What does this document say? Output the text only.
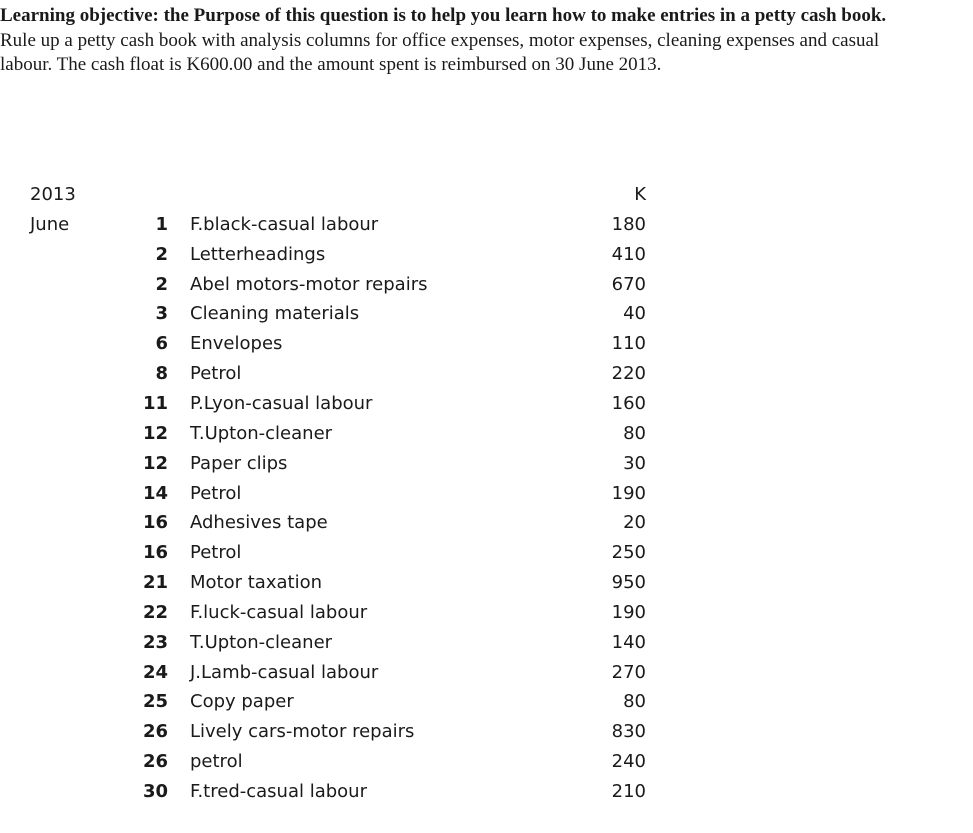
Learning objective: the Purpose of this question is to help you learn how to make entries in a petty cash book.
Rule up a petty cash book with analysis columns for office expenses, motor expenses, cleaning expenses and casual labour. The cash float is K600.00 and the amount spent is reimbursed on 30 June 2013.
2013	K
June	1 F.black-casual labour	180
2 Letterheadings	410
2 Abel motors-motor repairs	670
3 Cleaning materials	40
6 Envelopes	110
8 Petrol	220
11 P.Lyon-casual labour	160
12 T.Upton-cleaner	80
12 Paper clips	30
14 Petrol	190
16 Adhesives tape	20
16 Petrol	250
21 Motor taxation	950
22 F.luck-casual labour	190
23 T.Upton-cleaner	140
24 J.Lamb-casual labour	270
25 Copy paper	80
26 Lively cars-motor repairs	830
26 petrol	240
30 F.tred-casual labour	210
